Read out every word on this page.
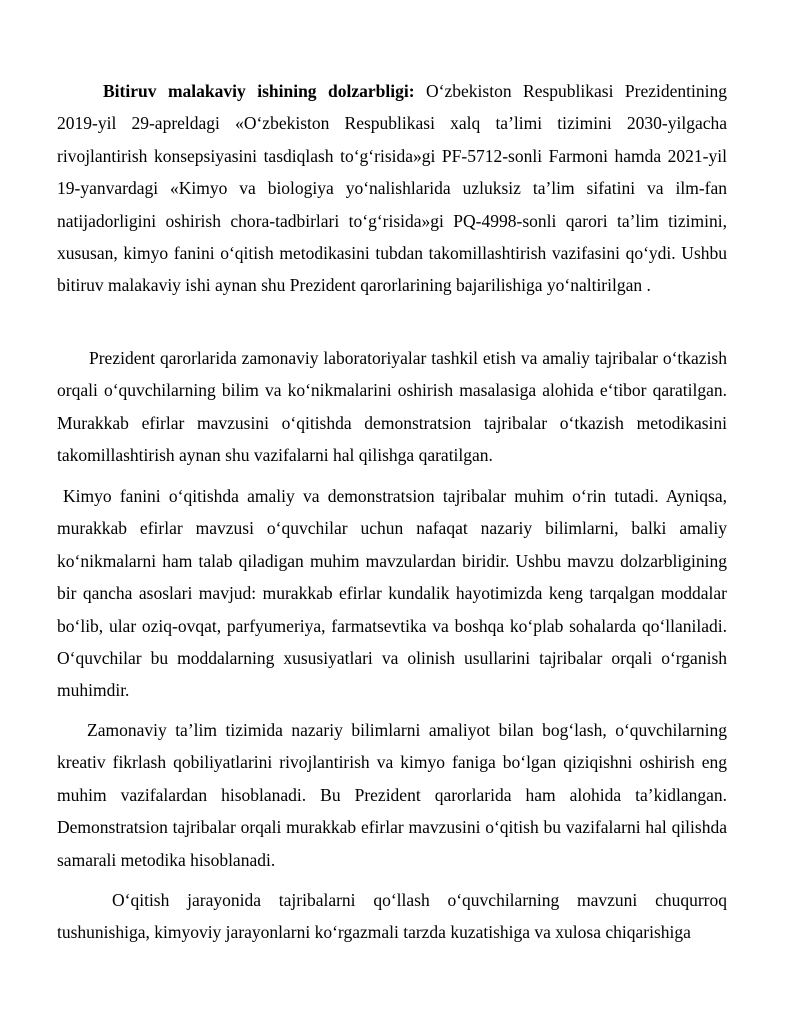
Bitiruv malakaviy ishining dolzarbligi: O‘zbekiston Respublikasi Prezidentining 2019-yil 29-apreldagi «O‘zbekiston Respublikasi xalq ta’limi tizimini 2030-yilgacha rivojlantirish konsepsiyasini tasdiqlash to‘g‘risida»gi PF-5712-sonli Farmoni hamda 2021-yil 19-yanvardagi «Kimyo va biologiya yo‘nalishlarida uzluksiz ta’lim sifatini va ilm-fan natijadorligini oshirish chora-tadbirlari to‘g‘risida»gi PQ-4998-sonli qarori ta’lim tizimini, xususan, kimyo fanini o‘qitish metodikasini tubdan takomillashtirish vazifasini qo‘ydi. Ushbu bitiruv malakaviy ishi aynan shu Prezident qarorlarining bajarilishiga yo‘naltirilgan .

Prezident qarorlarida zamonaviy laboratoriyalar tashkil etish va amaliy tajribalar o‘tkazish orqali o‘quvchilarning bilim va ko‘nikmalarini oshirish masalasiga alohida e‘tibor qaratilgan. Murakkab efirlar mavzusini o‘qitishda demonstratsion tajribalar o‘tkazish metodikasini takomillashtirish aynan shu vazifalarni hal qilishga qaratilgan.

Kimyo fanini o‘qitishda amaliy va demonstratsion tajribalar muhim o‘rin tutadi. Ayniqsa, murakkab efirlar mavzusi o‘quvchilar uchun nafaqat nazariy bilimlarni, balki amaliy ko‘nikmalarni ham talab qiladigan muhim mavzulardan biridir. Ushbu mavzu dolzarbligining bir qancha asoslari mavjud: murakkab efirlar kundalik hayotimizda keng tarqalgan moddalar bo‘lib, ular oziq-ovqat, parfyumeriya, farmatsevtika va boshqa ko‘plab sohalarda qo‘llaniladi. O‘quvchilar bu moddalarning xususiyatlari va olinish usullarini tajribalar orqali o‘rganish muhimdir.

Zamonaviy ta’lim tizimida nazariy bilimlarni amaliyot bilan bog‘lash, o‘quvchilarning kreativ fikrlash qobiliyatlarini rivojlantirish va kimyo faniga bo‘lgan qiziqishni oshirish eng muhim vazifalardan hisoblanadi. Bu Prezident qarorlarida ham alohida ta’kidlangan. Demonstratsion tajribalar orqali murakkab efirlar mavzusini o‘qitish bu vazifalarni hal qilishda samarali metodika hisoblanadi.

O‘qitish jarayonida tajribalarni qo‘llash o‘quvchilarning mavzuni chuqurroq tushunishiga, kimyoviy jarayonlarni ko‘rgazmali tarzda kuzatishiga va xulosa chiqarishiga
